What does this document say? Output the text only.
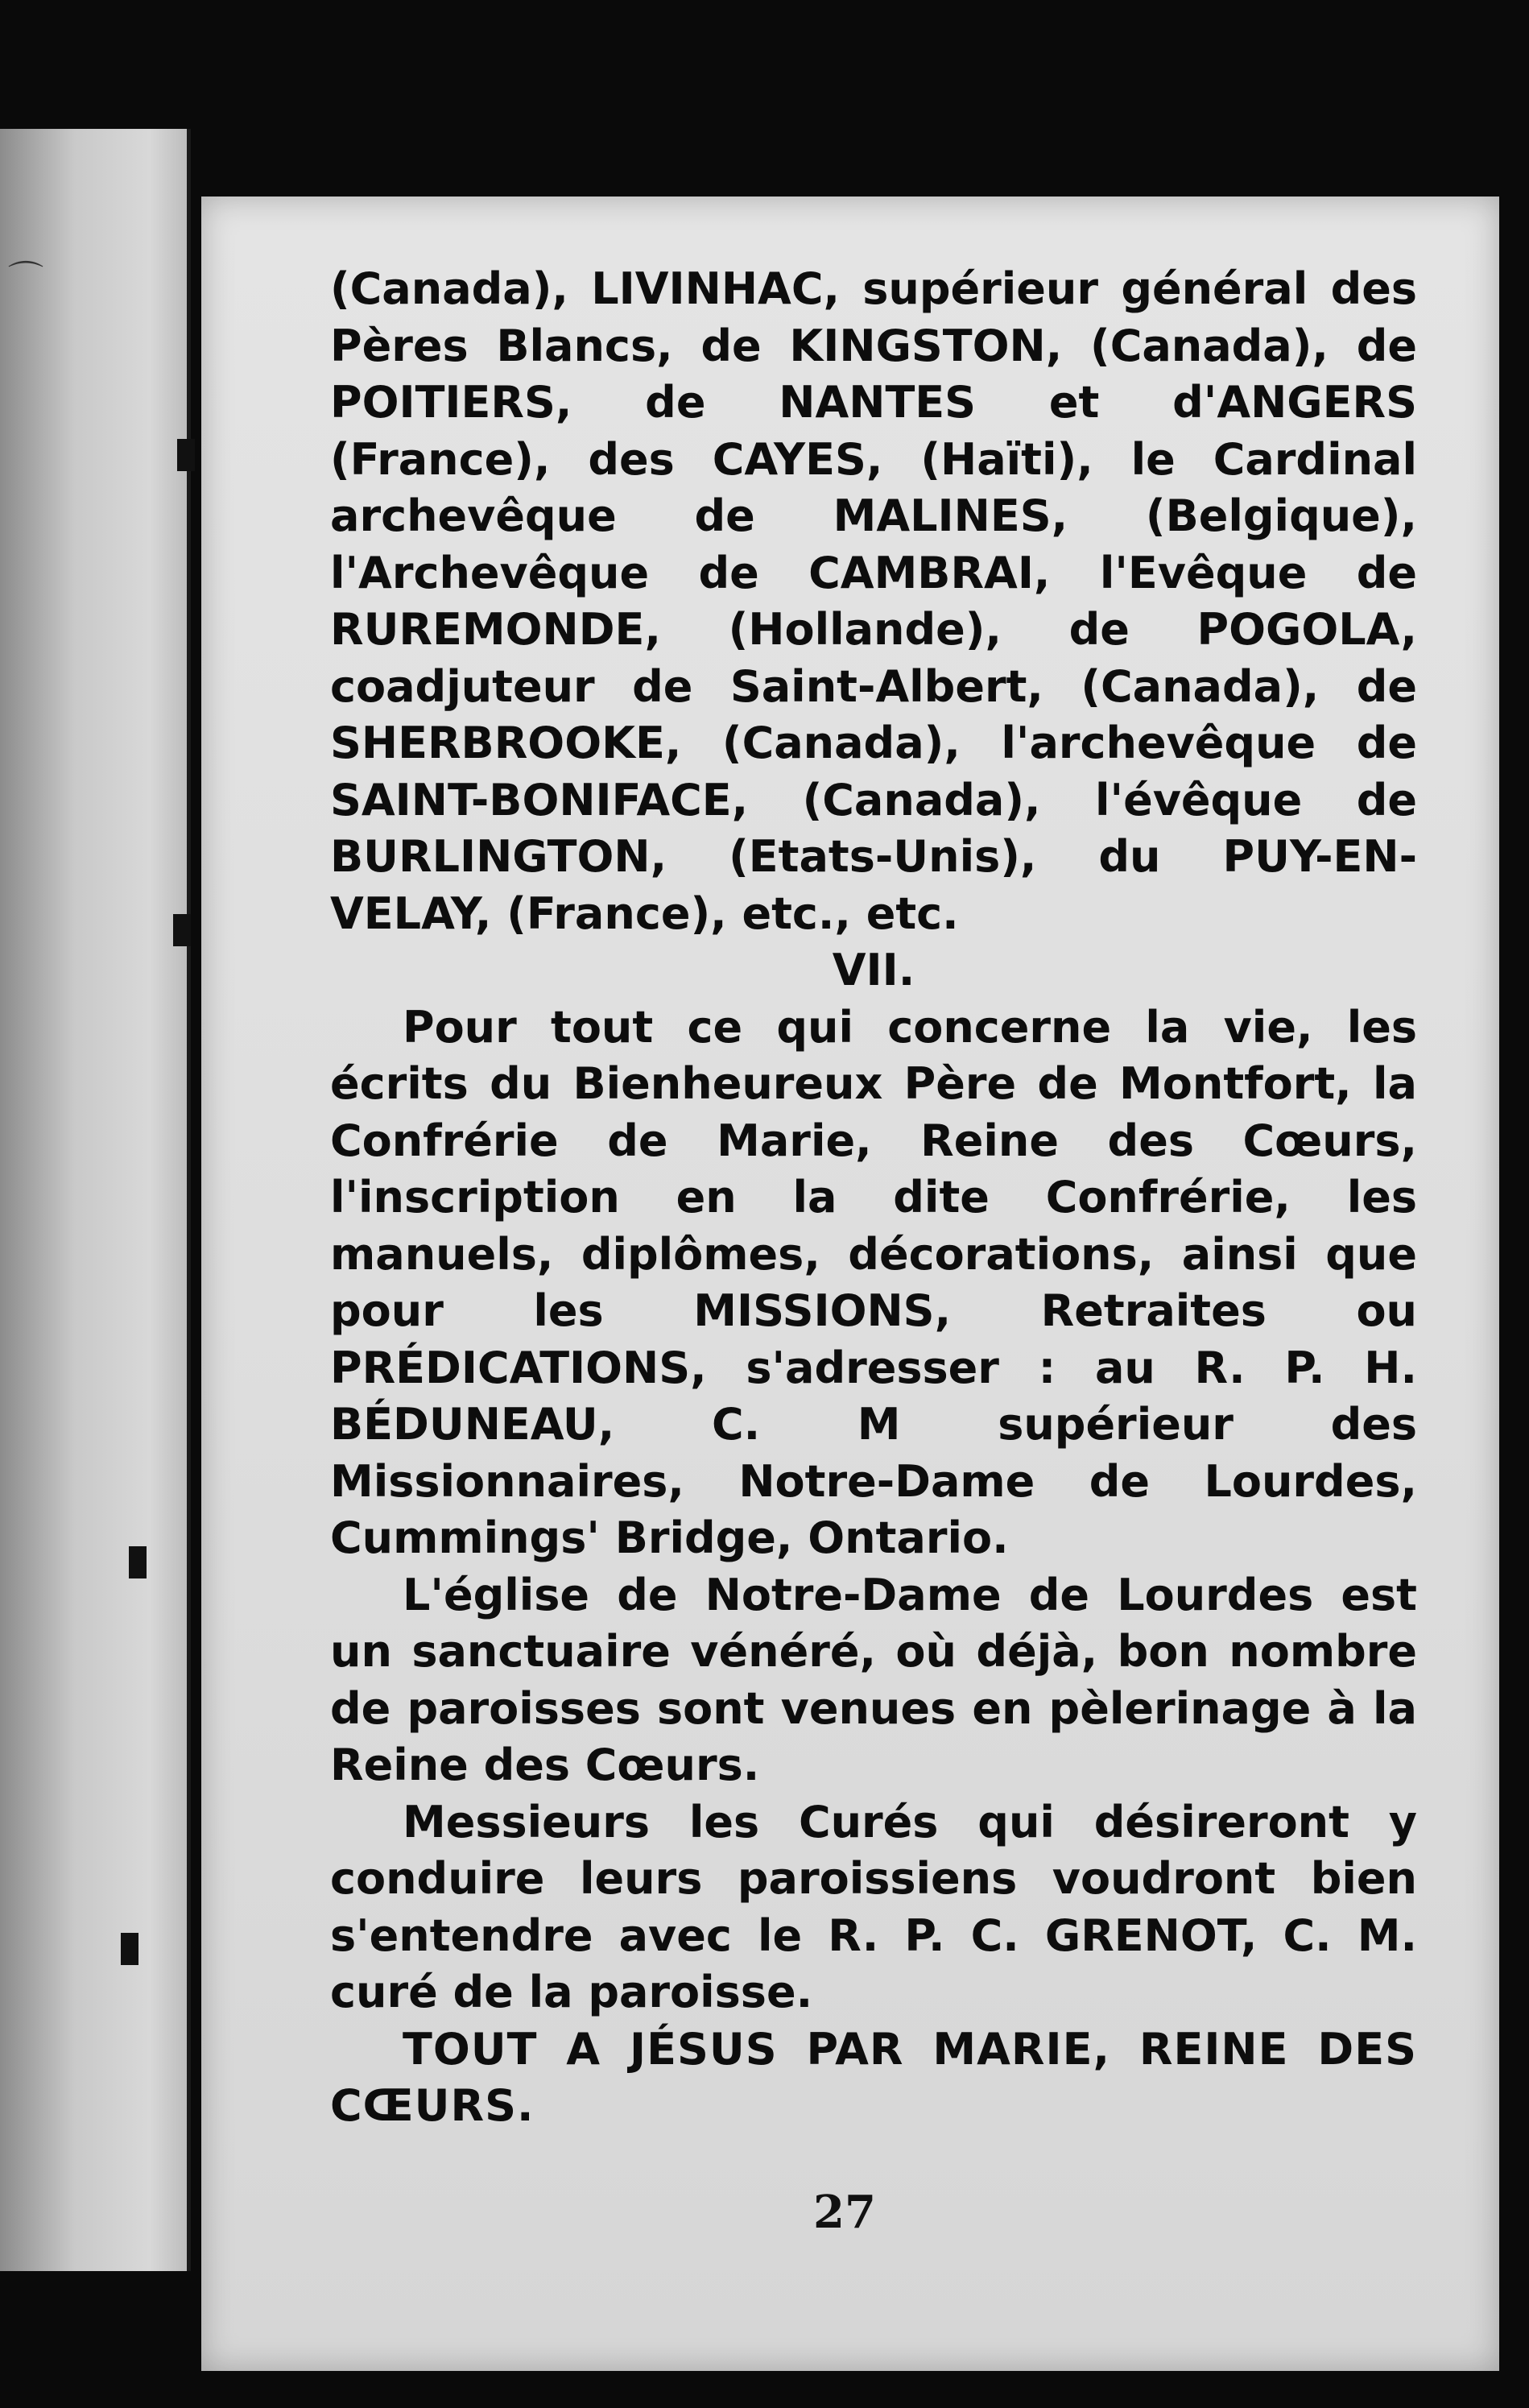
⌒	(Canada), LIVINHAC, supérieur général des Pères Blancs, de KINGSTON, (Canada), de POITIERS, de NANTES et d'ANGERS (France), des CAYES, (Haïti), le Cardinal archevêque de MALINES, (Belgique), l'Archevêque de CAMBRAI, l'Evêque de RUREMONDE, (Hollande), de POGOLA, coadjuteur de Saint-Albert, (Canada), de SHERBROOKE, (Canada), l'archevêque de SAINT-BONIFACE, (Canada), l'évêque de BURLINGTON, (Etats-Unis), du PUY-EN-VELAY, (France), etc., etc.

VII.

Pour tout ce qui concerne la vie, les écrits du Bienheureux Père de Montfort, la Confrérie de Marie, Reine des Cœurs, l'inscription en la dite Confrérie, les manuels, diplômes, décorations, ainsi que pour les MISSIONS, Retraites ou PRÉDICATIONS, s'adresser : au R. P. H. BÉDUNEAU, C. M supérieur des Missionnaires, Notre-Dame de Lourdes, Cummings' Bridge, Ontario.

L'église de Notre-Dame de Lourdes est un sanctuaire vénéré, où déjà, bon nombre de paroisses sont venues en pèlerinage à la Reine des Cœurs.

Messieurs les Curés qui désireront y conduire leurs paroissiens voudront bien s'entendre avec le R. P. C. GRENOT, C. M. curé de la paroisse.

TOUT A JÉSUS PAR MARIE, REINE DES CŒURS.

27
